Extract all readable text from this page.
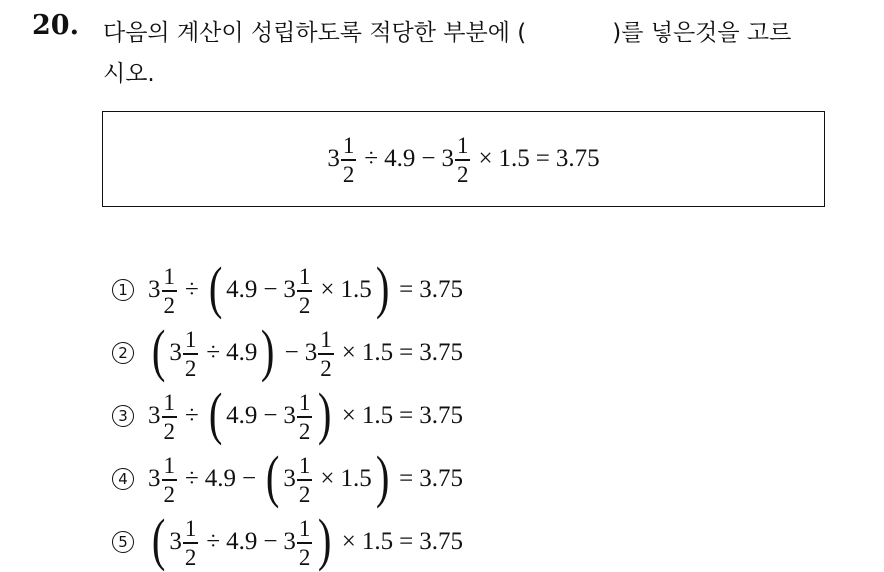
20. 다음의 계산이 성립하도록 적당한 부분에 (	)를 넣은것을 고르
시오.
$3 \frac{1}{2} \div 4.9 - 3 \frac{1}{2} \times 1.5 = 3.75$
1 $3 \frac{1}{2}$ ÷ ( $4.9 - 3 \frac{1}{2} \times 1.5$ ) = 3.75
2 ( $3 \frac{1}{2} \div 4.9$ ) − $3 \frac{1}{2} \times 1.5 = 3.75$
3 $3 \frac{1}{2}$ ÷ ( $4.9 - 3 \frac{1}{2}$ ) × 1.5 = 3.75
4 $3 \frac{1}{2} \div 4.9$ − ( $3 \frac{1}{2} \times 1.5$ ) = 3.75
5 ( $3 \frac{1}{2} \div 4.9 - 3 \frac{1}{2}$ ) × 1.5 = 3.75
